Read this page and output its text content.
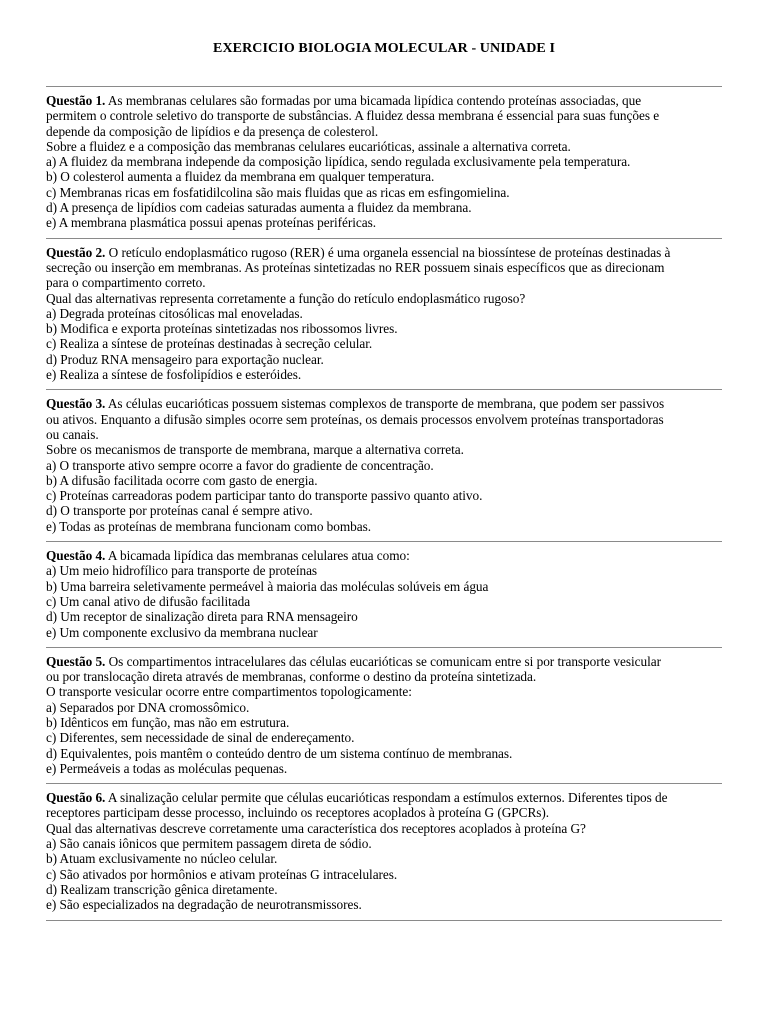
EXERCICIO BIOLOGIA MOLECULAR - UNIDADE I
Questão 1. As membranas celulares são formadas por uma bicamada lipídica contendo proteínas associadas, que
permitem o controle seletivo do transporte de substâncias. A fluidez dessa membrana é essencial para suas funções e
depende da composição de lipídios e da presença de colesterol.
Sobre a fluidez e a composição das membranas celulares eucarióticas, assinale a alternativa correta.
a) A fluidez da membrana independe da composição lipídica, sendo regulada exclusivamente pela temperatura.
b) O colesterol aumenta a fluidez da membrana em qualquer temperatura.
c) Membranas ricas em fosfatidilcolina são mais fluidas que as ricas em esfingomielina.
d) A presença de lipídios com cadeias saturadas aumenta a fluidez da membrana.
e) A membrana plasmática possui apenas proteínas periféricas.
Questão 2. O retículo endoplasmático rugoso (RER) é uma organela essencial na biossíntese de proteínas destinadas à
secreção ou inserção em membranas. As proteínas sintetizadas no RER possuem sinais específicos que as direcionam
para o compartimento correto.
Qual das alternativas representa corretamente a função do retículo endoplasmático rugoso?
a) Degrada proteínas citosólicas mal enoveladas.
b) Modifica e exporta proteínas sintetizadas nos ribossomos livres.
c) Realiza a síntese de proteínas destinadas à secreção celular.
d) Produz RNA mensageiro para exportação nuclear.
e) Realiza a síntese de fosfolipídios e esteróides.
Questão 3. As células eucarióticas possuem sistemas complexos de transporte de membrana, que podem ser passivos
ou ativos. Enquanto a difusão simples ocorre sem proteínas, os demais processos envolvem proteínas transportadoras
ou canais.
Sobre os mecanismos de transporte de membrana, marque a alternativa correta.
a) O transporte ativo sempre ocorre a favor do gradiente de concentração.
b) A difusão facilitada ocorre com gasto de energia.
c) Proteínas carreadoras podem participar tanto do transporte passivo quanto ativo.
d) O transporte por proteínas canal é sempre ativo.
e) Todas as proteínas de membrana funcionam como bombas.
Questão 4. A bicamada lipídica das membranas celulares atua como:
a) Um meio hidrofílico para transporte de proteínas
b) Uma barreira seletivamente permeável à maioria das moléculas solúveis em água
c) Um canal ativo de difusão facilitada
d) Um receptor de sinalização direta para RNA mensageiro
e) Um componente exclusivo da membrana nuclear
Questão 5. Os compartimentos intracelulares das células eucarióticas se comunicam entre si por transporte vesicular
ou por translocação direta através de membranas, conforme o destino da proteína sintetizada.
O transporte vesicular ocorre entre compartimentos topologicamente:
a) Separados por DNA cromossômico.
b) Idênticos em função, mas não em estrutura.
c) Diferentes, sem necessidade de sinal de endereçamento.
d) Equivalentes, pois mantêm o conteúdo dentro de um sistema contínuo de membranas.
e) Permeáveis a todas as moléculas pequenas.
Questão 6. A sinalização celular permite que células eucarióticas respondam a estímulos externos. Diferentes tipos de
receptores participam desse processo, incluindo os receptores acoplados à proteína G (GPCRs).
Qual das alternativas descreve corretamente uma característica dos receptores acoplados à proteína G?
a) São canais iônicos que permitem passagem direta de sódio.
b) Atuam exclusivamente no núcleo celular.
c) São ativados por hormônios e ativam proteínas G intracelulares.
d) Realizam transcrição gênica diretamente.
e) São especializados na degradação de neurotransmissores.
